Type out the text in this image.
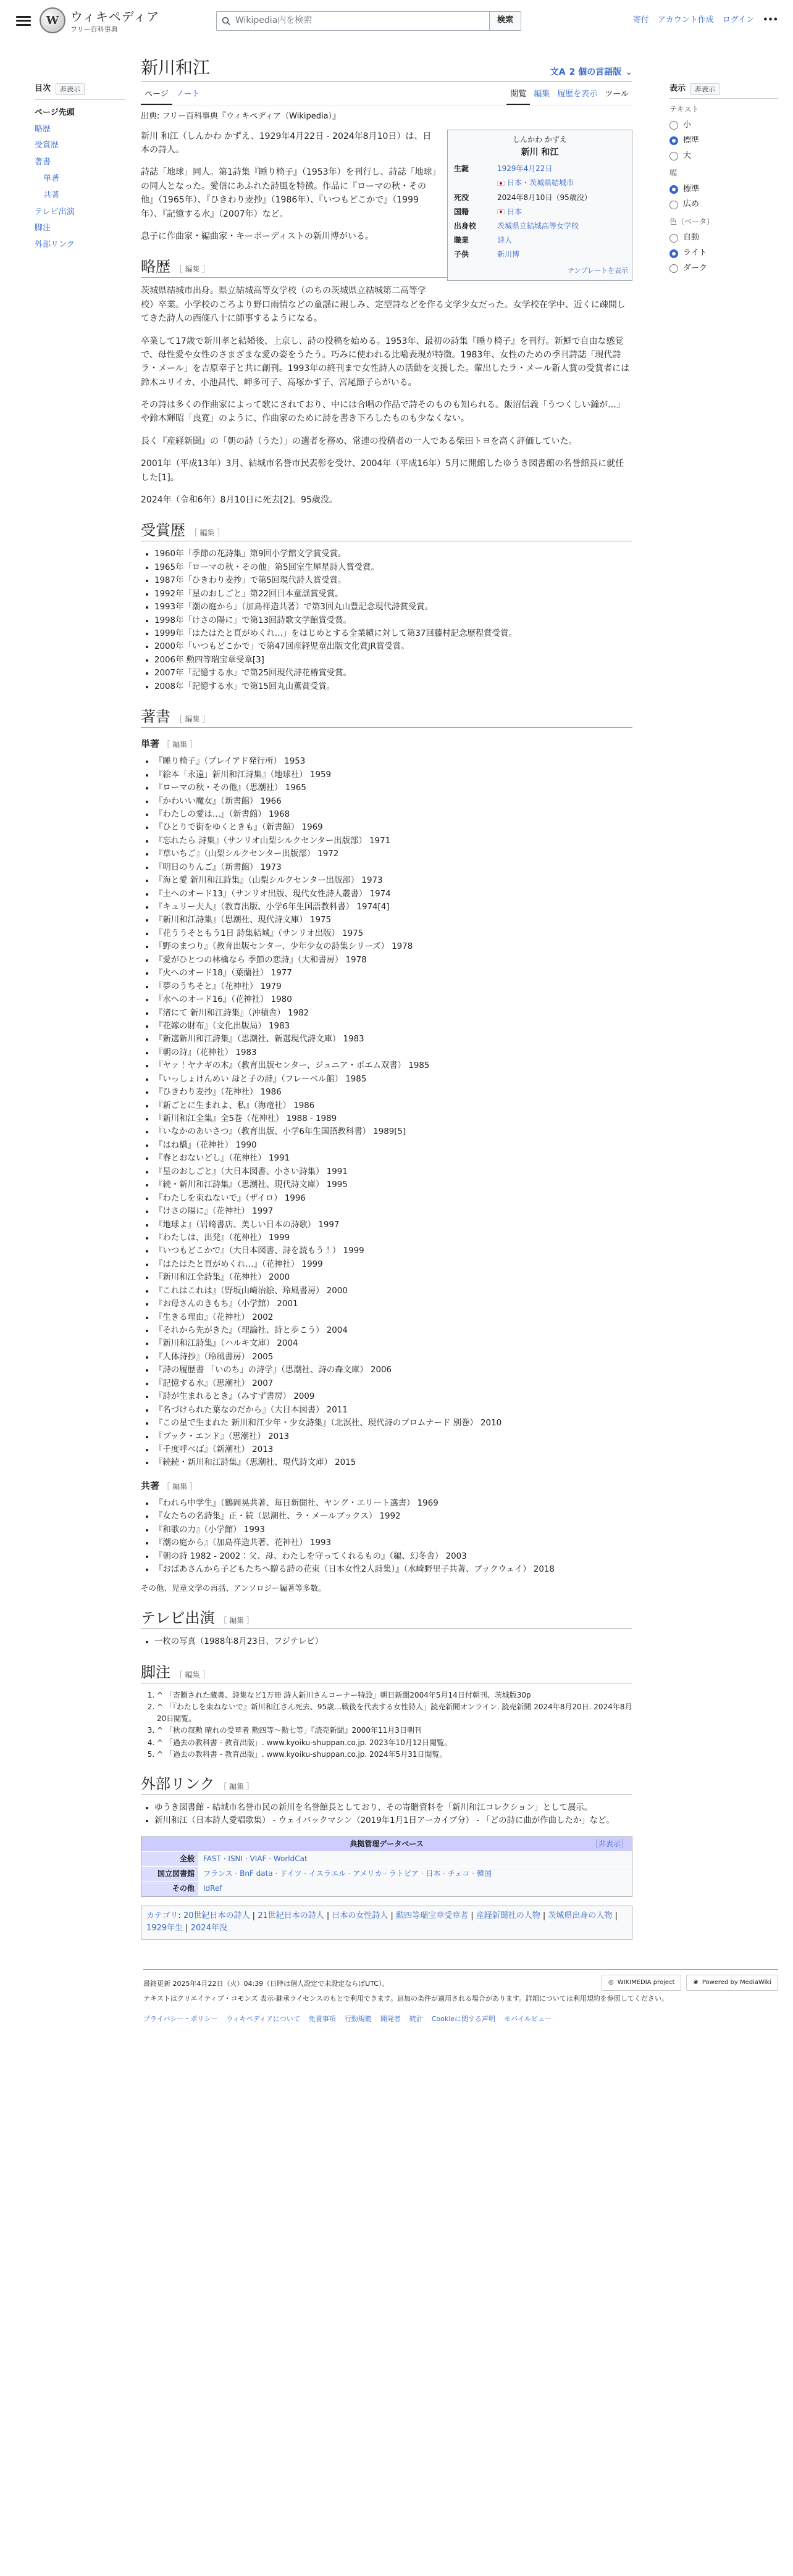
W ウィキペディア
フリー百科事典
Wikipedia内を検索	検索	寄付 アカウント作成 ログイン •••
目次	非表示
ページ先頭
略歴
受賞歴
著書
単著
共著
テレビ出演
脚注
外部リンク
新川和江	文A 2 個の言語版 ⌄
ページ ノート	閲覧 編集 履歴を表示 ツール
出典: フリー百科事典『ウィキペディア（Wikipedia）』
しんかわ かずえ
新川 和江
生誕	1929年4月22日
	日本・茨城県結城市
死没	2024年8月10日（95歳没）
国籍	日本
出身校	茨城県立結城高等女学校
職業	詩人
子供	新川博
テンプレートを表示

新川 和江（しんかわ かずえ、1929年4月22日 - 2024年8月10日）は、日本の詩人。

詩誌「地球」同人。第1詩集『睡り椅子』（1953年）を刊行し、詩誌「地球」の同人となった。愛信にあふれた詩風を特徴。作品に『ローマの秋・その他』（1965年）、『ひきわり麦抄』（1986年）、『いつもどこかで』（1999年）、『記憶する水』（2007年）など。

息子に作曲家・編曲家・キーボーディストの新川博がいる。

略歴 ［ 編集 ］

茨城県結城市出身。県立結城高等女学校（のちの茨城県立結城第二高等学校）卒業。小学校のころより野口雨情などの童謡に親しみ、定型詩などを作る文学少女だった。女学校在学中、近くに疎開してきた詩人の西條八十に師事するようになる。

卒業して17歳で新川孝と結婚後、上京し、詩の投稿を始める。1953年、最初の詩集『睡り椅子』を刊行。新鮮で自由な感覚で、母性愛や女性のさまざまな愛の姿をうたう。巧みに使われる比喩表現が特徴。1983年、女性のための季刊詩誌「現代詩ラ・メール」を吉原幸子と共に創刊。1993年の終刊まで女性詩人の活動を支援した。輩出したラ・メール新人賞の受賞者には鈴木ユリイカ、小池昌代、岬多可子、高塚かず子、宮尾節子らがいる。

その詩は多くの作曲家によって歌にされており、中には合唱の作品で詩そのものも知られる。飯沼信義「うつくしい鐘が…」や鈴木輝昭「良寛」のように、作曲家のために詩を書き下ろしたものも少なくない。

長く『産経新聞』の「朝の詩（うた）」の選者を務め、常連の投稿者の一人である柴田トヨを高く評価していた。

2001年（平成13年）3月、結城市名誉市民表彰を受け、2004年（平成16年）5月に開館したゆうき図書館の名誉館長に就任した[1]。

2024年（令和6年）8月10日に死去[2]。95歳没。

受賞歴 ［ 編集 ］
• 1960年「季節の花詩集」第9回小学館文学賞受賞。
• 1965年「ローマの秋・その他」第5回室生犀星詩人賞受賞。
• 1987年「ひきわり麦抄」で第5回現代詩人賞受賞。
• 1992年「星のおしごと」第22回日本童謡賞受賞。
• 1993年「潮の庭から」（加島祥造共著）で第3回丸山豊記念現代詩賞受賞。
• 1998年「けさの陽に」で第13回詩歌文学館賞受賞。
• 1999年「はたはたと頁がめくれ…」をはじめとする全業績に対して第37回藤村記念歴程賞受賞。
• 2000年「いつもどこかで」で第47回産経児童出版文化賞JR賞受賞。
• 2006年 勲四等瑞宝章受章[3]
• 2007年「記憶する水」で第25回現代詩花椿賞受賞。
• 2008年「記憶する水」で第15回丸山薫賞受賞。
著書 ［ 編集 ］
単著 ［ 編集 ］
• 『睡り椅子』（プレイアド発行所） 1953
• 『絵本「永遠」新川和江詩集』（地球社） 1959
• 『ローマの秋・その他』（思潮社） 1965
• 『かわいい魔女』（新書館） 1966
• 『わたしの愛は…』（新書館） 1968
• 『ひとりで街をゆくときも』（新書館） 1969
• 『忘れたら 詩集』（サンリオ山梨シルクセンター出版部） 1971
• 『草いちご』（山梨シルクセンター出版部） 1972
• 『明日のりんご』（新書館） 1973
• 『海と愛 新川和江詩集』（山梨シルクセンター出版部） 1973
• 『土へのオード13』（サンリオ出版、現代女性詩人叢書） 1974
• 『キュリー夫人』（教育出版、小学6年生国語教科書） 1974[4]
• 『新川和江詩集』（思潮社、現代詩文庫） 1975
• 『花ううそともう1日 詩集結城』（サンリオ出版） 1975
• 『野のまつり』（教育出版センター、少年少女の詩集シリーズ） 1978
• 『愛がひとつの林檎なら 季節の恋詩』（大和書房） 1978
• 『火へのオード18』（葉蘭社） 1977
• 『夢のうちそと』（花神社） 1979
• 『水へのオード16』（花神社） 1980
• 『渚にて 新川和江詩集』（沖積舎） 1982
• 『花嫁の財布』（文化出版局） 1983
• 『新選新川和江詩集』（思潮社、新選現代詩文庫） 1983
• 『朝の詩』（花神社） 1983
• 『ヤァ！ヤナギの木』（教育出版センター、ジュニア・ポエム双書） 1985
• 『いっしょけんめい 母と子の詩』（フレーベル館） 1985
• 『ひきわり麦抄』（花神社） 1986
• 『新ごとに生まれよ、私』（海竜社） 1986
• 『新川和江全集』全5巻（花神社） 1988 - 1989
• 『いなかのあいさつ』（教育出版、小学6年生国語教科書） 1989[5]
• 『はね橋』（花神社） 1990
• 『春とおないどし』（花神社） 1991
• 『星のおしごと』（大日本図書、小さい詩集） 1991
• 『続・新川和江詩集』（思潮社、現代詩文庫） 1995
• 『わたしを束ねないで』（ザイロ） 1996
• 『けさの陽に』（花神社） 1997
• 『地球よ』（岩崎書店、美しい日本の詩歌） 1997
• 『わたしは、出発』（花神社） 1999
• 『いつもどこかで』（大日本図書、詩を読もう！） 1999
• 『はたはたと頁がめくれ…』（花神社） 1999
• 『新川和江全詩集』（花神社） 2000
• 『これはこれは』（野坂山崎治絵、玲風書房） 2000
• 『お母さんのきもち』（小学館） 2001
• 『生きる理由』（花神社） 2002
• 『それから先がきた』（理論社、詩と歩こう） 2004
• 『新川和江詩集』（ハルキ文庫） 2004
• 『人体詩抄』（玲風書房） 2005
• 『詩の履歴書 「いのち」の詩学』（思潮社、詩の森文庫） 2006
• 『記憶する水』（思潮社） 2007
• 『詩が生まれるとき』（みすず書房） 2009
• 『名づけられた葉なのだから』（大日本図書） 2011
• 『この星で生まれた 新川和江少年・少女詩集』（北溟社、現代詩のプロムナード 別巻） 2010
• 『ブック・エンド』（思潮社） 2013
• 『千度呼べば』（新潮社） 2013
• 『続続・新川和江詩集』（思潮社、現代詩文庫） 2015
共著 ［ 編集 ］
• 『われら中学生』（鶴岡晃共著、毎日新聞社、ヤング・エリート選書） 1969
• 『女たちの名詩集』正・続（思潮社、ラ・メールブックス） 1992
• 『和歌の力』（小学館） 1993
• 『潮の庭から』（加島祥造共著、花神社） 1993
• 『朝の詩 1982 - 2002：父、母、わたしを守ってくれるもの』（編、幻冬舎） 2003
• 『おばあさんから子どもたちへ贈る詩の花束（日本女性2人詩集）』（水崎野里子共著、ブックウェイ） 2018
その他、児童文学の再話、アンソロジー編著等多数。
テレビ出演 ［ 編集 ］
• 一枚の写真（1988年8月23日、フジテレビ）
脚注 ［ 編集 ］
1. ^ 「寄贈された蔵書、詩集など1万冊 詩人新川さんコーナー特設」朝日新聞2004年5月14日付朝刊、茨城版30p
2. ^ 「『わたしを束ねないで』新川和江さん死去、95歳…戦後を代表する女性詩人」読売新聞オンライン. 読売新聞 2024年8月20日. 2024年8月20日閲覧。
3. ^ 「秋の叙勲 晴れの受章者 勲四等～勲七等」『読売新聞』2000年11月3日朝刊
4. ^ 「過去の教科書 - 教育出版」. www.kyoiku-shuppan.co.jp. 2023年10月12日閲覧。
5. ^ 「過去の教科書 - 教育出版」. www.kyoiku-shuppan.co.jp. 2024年5月31日閲覧。
外部リンク ［ 編集 ］
• ゆうき図書館 - 結城市名誉市民の新川を名誉館長としており、その寄贈資料を「新川和江コレクション」として展示。
• 新川和江（日本詩人愛唱歌集） - ウェイバックマシン（2019年1月1日アーカイブ分） - 「どの詩に曲が作曲したか」など。
典拠管理データベース	［非表示］
全般	FAST · ISNI · VIAF · WorldCat
国立図書館	フランス · BnF data · ドイツ · イスラエル · アメリカ · ラトビア · 日本 · チェコ · 韓国
その他	IdRef
カテゴリ: 20世紀日本の詩人 | 21世紀日本の詩人 | 日本の女性詩人 | 勲四等瑞宝章受章者 | 産経新聞社の人物 | 茨城県出身の人物 | 1929年生 | 2024年没
表示	非表示
テキスト
小
標準
大
幅
標準
広め
色（ベータ）
自動
ライト
ダーク
◎ WIKIMEDIA project	❀ Powered by MediaWiki
最終更新 2025年4月22日（火）04:39（日時は個人設定で未設定ならばUTC）。
テキストはクリエイティブ・コモンズ 表示-継承ライセンスのもとで利用できます。追加の条件が適用される場合があります。詳細については利用規約を参照してください。
プライバシー・ポリシー ウィキペディアについて 免責事項 行動規範 開発者 統計 Cookieに関する声明 モバイルビュー
